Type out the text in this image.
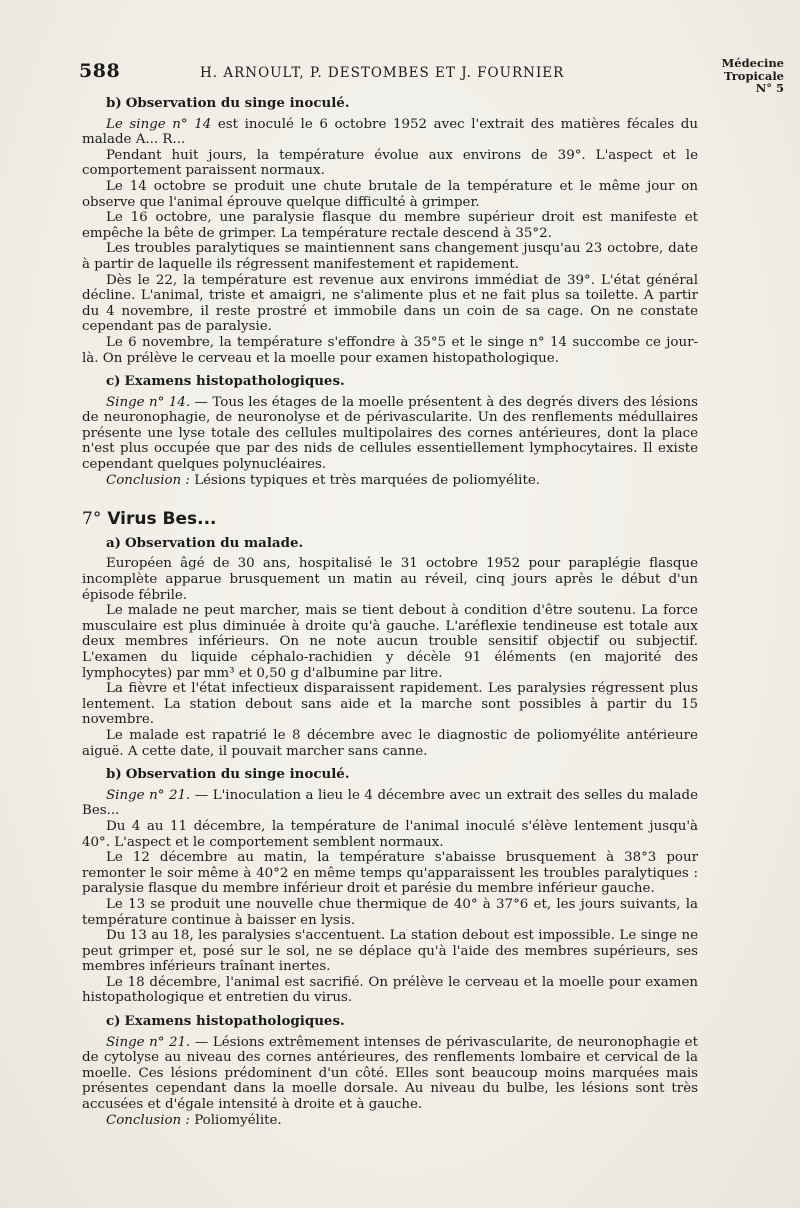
588	H. ARNOULT, P. DESTOMBES ET J. FOURNIER
Médecine
Tropicale
N° 5

b) Observation du singe inoculé.

Le singe n° 14 est inoculé le 6 octobre 1952 avec l'extrait des matières fécales du malade A... R...

Pendant huit jours, la température évolue aux environs de 39°. L'aspect et le comportement paraissent normaux.

Le 14 octobre se produit une chute brutale de la température et le même jour on observe que l'animal éprouve quelque difficulté à grimper.

Le 16 octobre, une paralysie flasque du membre supérieur droit est manifeste et empêche la bête de grimper. La température rectale descend à 35°2.

Les troubles paralytiques se maintiennent sans changement jusqu'au 23 octobre, date à partir de laquelle ils régressent manifestement et rapidement.

Dès le 22, la température est revenue aux environs immédiat de 39°. L'état général décline. L'animal, triste et amaigri, ne s'alimente plus et ne fait plus sa toilette. A partir du 4 novembre, il reste prostré et immobile dans un coin de sa cage. On ne constate cependant pas de paralysie.

Le 6 novembre, la température s'effondre à 35°5 et le singe n° 14 succombe ce jour-là. On prélève le cerveau et la moelle pour examen histopathologique.

c) Examens histopathologiques.

Singe n° 14. — Tous les étages de la moelle présentent à des degrés divers des lésions de neuronophagie, de neuronolyse et de périvascularite. Un des renflements médullaires présente une lyse totale des cellules multipolaires des cornes antérieures, dont la place n'est plus occupée que par des nids de cellules essentiellement lymphocytaires. Il existe cependant quelques polynucléaires.

Conclusion : Lésions typiques et très marquées de poliomyélite.

7° Virus Bes...

a) Observation du malade.

Européen âgé de 30 ans, hospitalisé le 31 octobre 1952 pour paraplégie flasque incomplète apparue brusquement un matin au réveil, cinq jours après le début d'un épisode fébrile.

Le malade ne peut marcher, mais se tient debout à condition d'être soutenu. La force musculaire est plus diminuée à droite qu'à gauche. L'aréflexie tendineuse est totale aux deux membres inférieurs. On ne note aucun trouble sensitif objectif ou subjectif. L'examen du liquide céphalo-rachidien y décèle 91 éléments (en majorité des lymphocytes) par mm³ et 0,50 g d'albumine par litre.

La fièvre et l'état infectieux disparaissent rapidement. Les paralysies régressent plus lentement. La station debout sans aide et la marche sont possibles à partir du 15 novembre.

Le malade est rapatrié le 8 décembre avec le diagnostic de poliomyélite antérieure aiguë. A cette date, il pouvait marcher sans canne.

b) Observation du singe inoculé.

Singe n° 21. — L'inoculation a lieu le 4 décembre avec un extrait des selles du malade Bes...

Du 4 au 11 décembre, la température de l'animal inoculé s'élève lentement jusqu'à 40°. L'aspect et le comportement semblent normaux.

Le 12 décembre au matin, la température s'abaisse brusquement à 38°3 pour remonter le soir même à 40°2 en même temps qu'apparaissent les troubles paralytiques : paralysie flasque du membre inférieur droit et parésie du membre inférieur gauche.

Le 13 se produit une nouvelle chue thermique de 40° à 37°6 et, les jours suivants, la température continue à baisser en lysis.

Du 13 au 18, les paralysies s'accentuent. La station debout est impossible. Le singe ne peut grimper et, posé sur le sol, ne se déplace qu'à l'aide des membres supérieurs, ses membres inférieurs traînant inertes.

Le 18 décembre, l'animal est sacrifié. On prélève le cerveau et la moelle pour examen histopathologique et entretien du virus.

c) Examens histopathologiques.

Singe n° 21. — Lésions extrêmement intenses de périvascularite, de neuronophagie et de cytolyse au niveau des cornes antérieures, des renflements lombaire et cervical de la moelle. Ces lésions prédominent d'un côté. Elles sont beaucoup moins marquées mais présentes cependant dans la moelle dorsale. Au niveau du bulbe, les lésions sont très accusées et d'égale intensité à droite et à gauche.

Conclusion : Poliomyélite.
